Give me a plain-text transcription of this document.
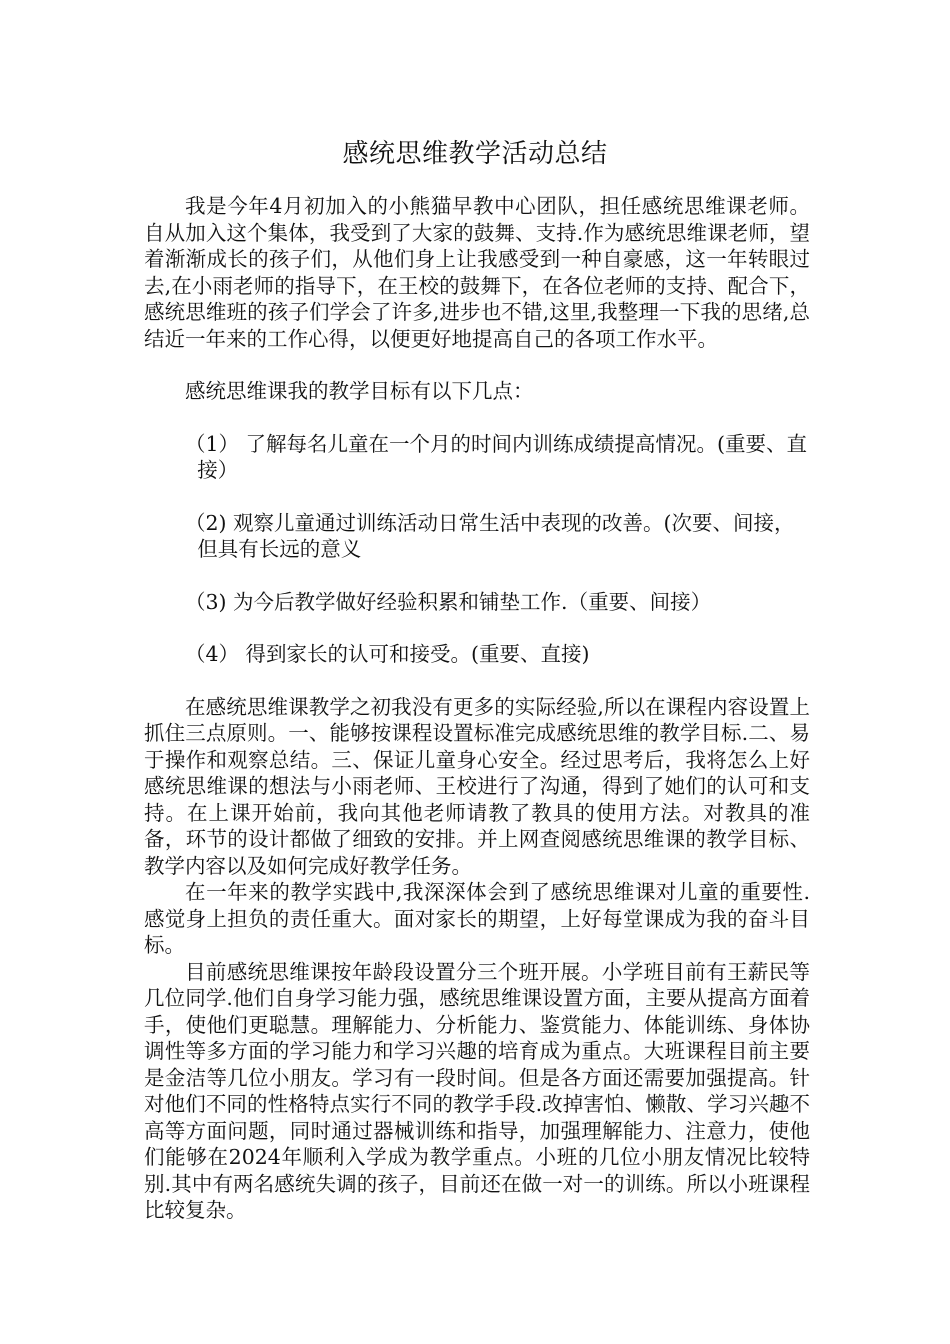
感统思维教学活动总结

我是今年4月初加入的小熊猫早教中心团队，担任感统思维课老师。自从加入这个集体，我受到了大家的鼓舞、支持.作为感统思维课老师，望着渐渐成长的孩子们，从他们身上让我感受到一种自豪感，这一年转眼过去,在小雨老师的指导下，在王校的鼓舞下，在各位老师的支持、配合下，感统思维班的孩子们学会了许多,进步也不错,这里,我整理一下我的思绪,总结近一年来的工作心得，以便更好地提高自己的各项工作水平。

感统思维课我的教学目标有以下几点：

（1） 了解每名儿童在一个月的时间内训练成绩提高情况。(重要、直接）

（2) 观察儿童通过训练活动日常生活中表现的改善。(次要、间接，但具有长远的意义

（3) 为今后教学做好经验积累和铺垫工作.（重要、间接）

（4） 得到家长的认可和接受。(重要、直接)

在感统思维课教学之初我没有更多的实际经验,所以在课程内容设置上抓住三点原则。一、能够按课程设置标准完成感统思维的教学目标.二、易于操作和观察总结。三、保证儿童身心安全。经过思考后，我将怎么上好感统思维课的想法与小雨老师、王校进行了沟通，得到了她们的认可和支持。在上课开始前，我向其他老师请教了教具的使用方法。对教具的准备，环节的设计都做了细致的安排。并上网查阅感统思维课的教学目标、教学内容以及如何完成好教学任务。

在一年来的教学实践中,我深深体会到了感统思维课对儿童的重要性.感觉身上担负的责任重大。面对家长的期望，上好每堂课成为我的奋斗目标。

目前感统思维课按年龄段设置分三个班开展。小学班目前有王薪民等几位同学.他们自身学习能力强，感统思维课设置方面，主要从提高方面着手，使他们更聪慧。理解能力、分析能力、鉴赏能力、体能训练、身体协调性等多方面的学习能力和学习兴趣的培育成为重点。大班课程目前主要是金洁等几位小朋友。学习有一段时间。但是各方面还需要加强提高。针对他们不同的性格特点实行不同的教学手段.改掉害怕、懒散、学习兴趣不高等方面问题，同时通过器械训练和指导，加强理解能力、注意力，使他们能够在2024年顺利入学成为教学重点。小班的几位小朋友情况比较特别.其中有两名感统失调的孩子，目前还在做一对一的训练。所以小班课程比较复杂。
